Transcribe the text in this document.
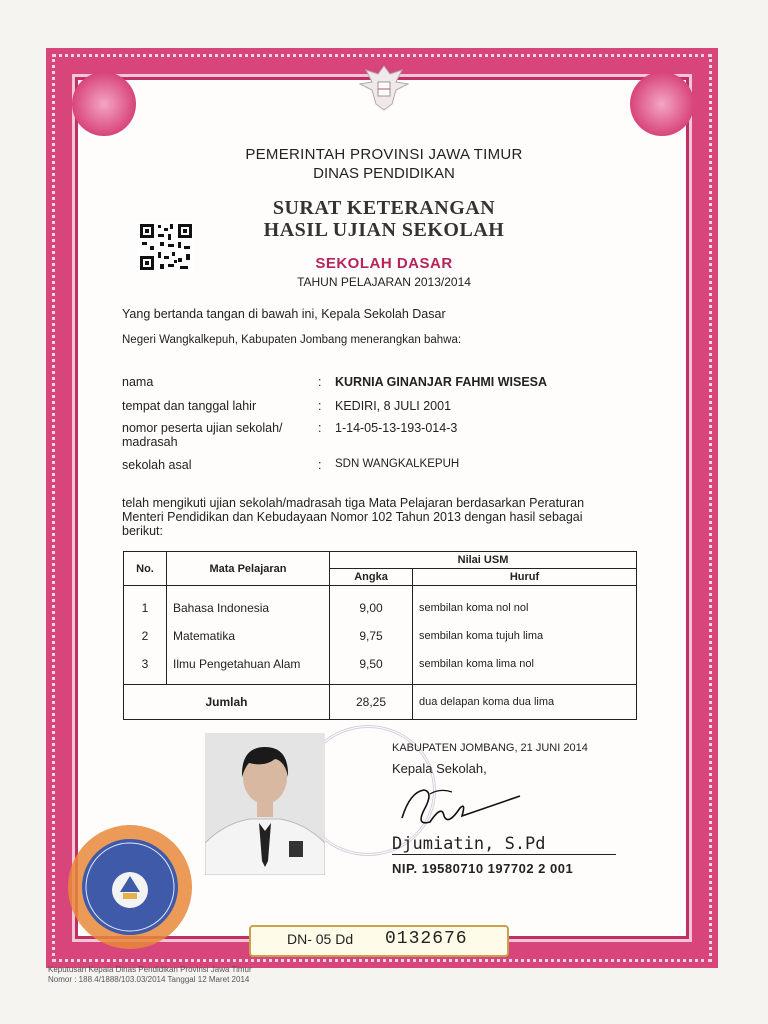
PEMERINTAH PROVINSI JAWA TIMUR
DINAS PENDIDIKAN
SURAT KETERANGAN
HASIL UJIAN SEKOLAH
SEKOLAH DASAR
TAHUN PELAJARAN 2013/2014
Yang bertanda tangan di bawah ini, Kepala Sekolah Dasar
Negeri Wangkalkepuh, Kabupaten Jombang menerangkan bahwa:
nama	: KURNIA GINANJAR FAHMI WISESA
tempat dan tanggal lahir	: KEDIRI, 8 JULI 2001
nomor peserta ujian sekolah/
madrasah
: 1-14-05-13-193-014-3
sekolah asal	: SDN WANGKALKEPUH
telah mengikuti ujian sekolah/madrasah tiga Mata Pelajaran berdasarkan Peraturan
Menteri Pendidikan dan Kebudayaan Nomor 102 Tahun 2013 dengan hasil sebagai
berikut:
No.	Mata Pelajaran	Nilai USM	
		Angka	Huruf
1	Bahasa Indonesia	9,00	sembilan koma nol nol
2	Matematika	9,75	sembilan koma tujuh lima
3	Ilmu Pengetahuan Alam	9,50	sembilan koma lima nol
Jumlah		28,25	dua delapan koma dua lima
KABUPATEN JOMBANG, 21 JUNI 2014
Kepala Sekolah,
Djumiatin, S.Pd
NIP. 19580710 197702 2 001
DN- 05 Dd 0132676
Keputusan Kepala Dinas Pendidikan Provinsi Jawa Timur
Nomor : 188.4/1888/103.03/2014 Tanggal 12 Maret 2014
